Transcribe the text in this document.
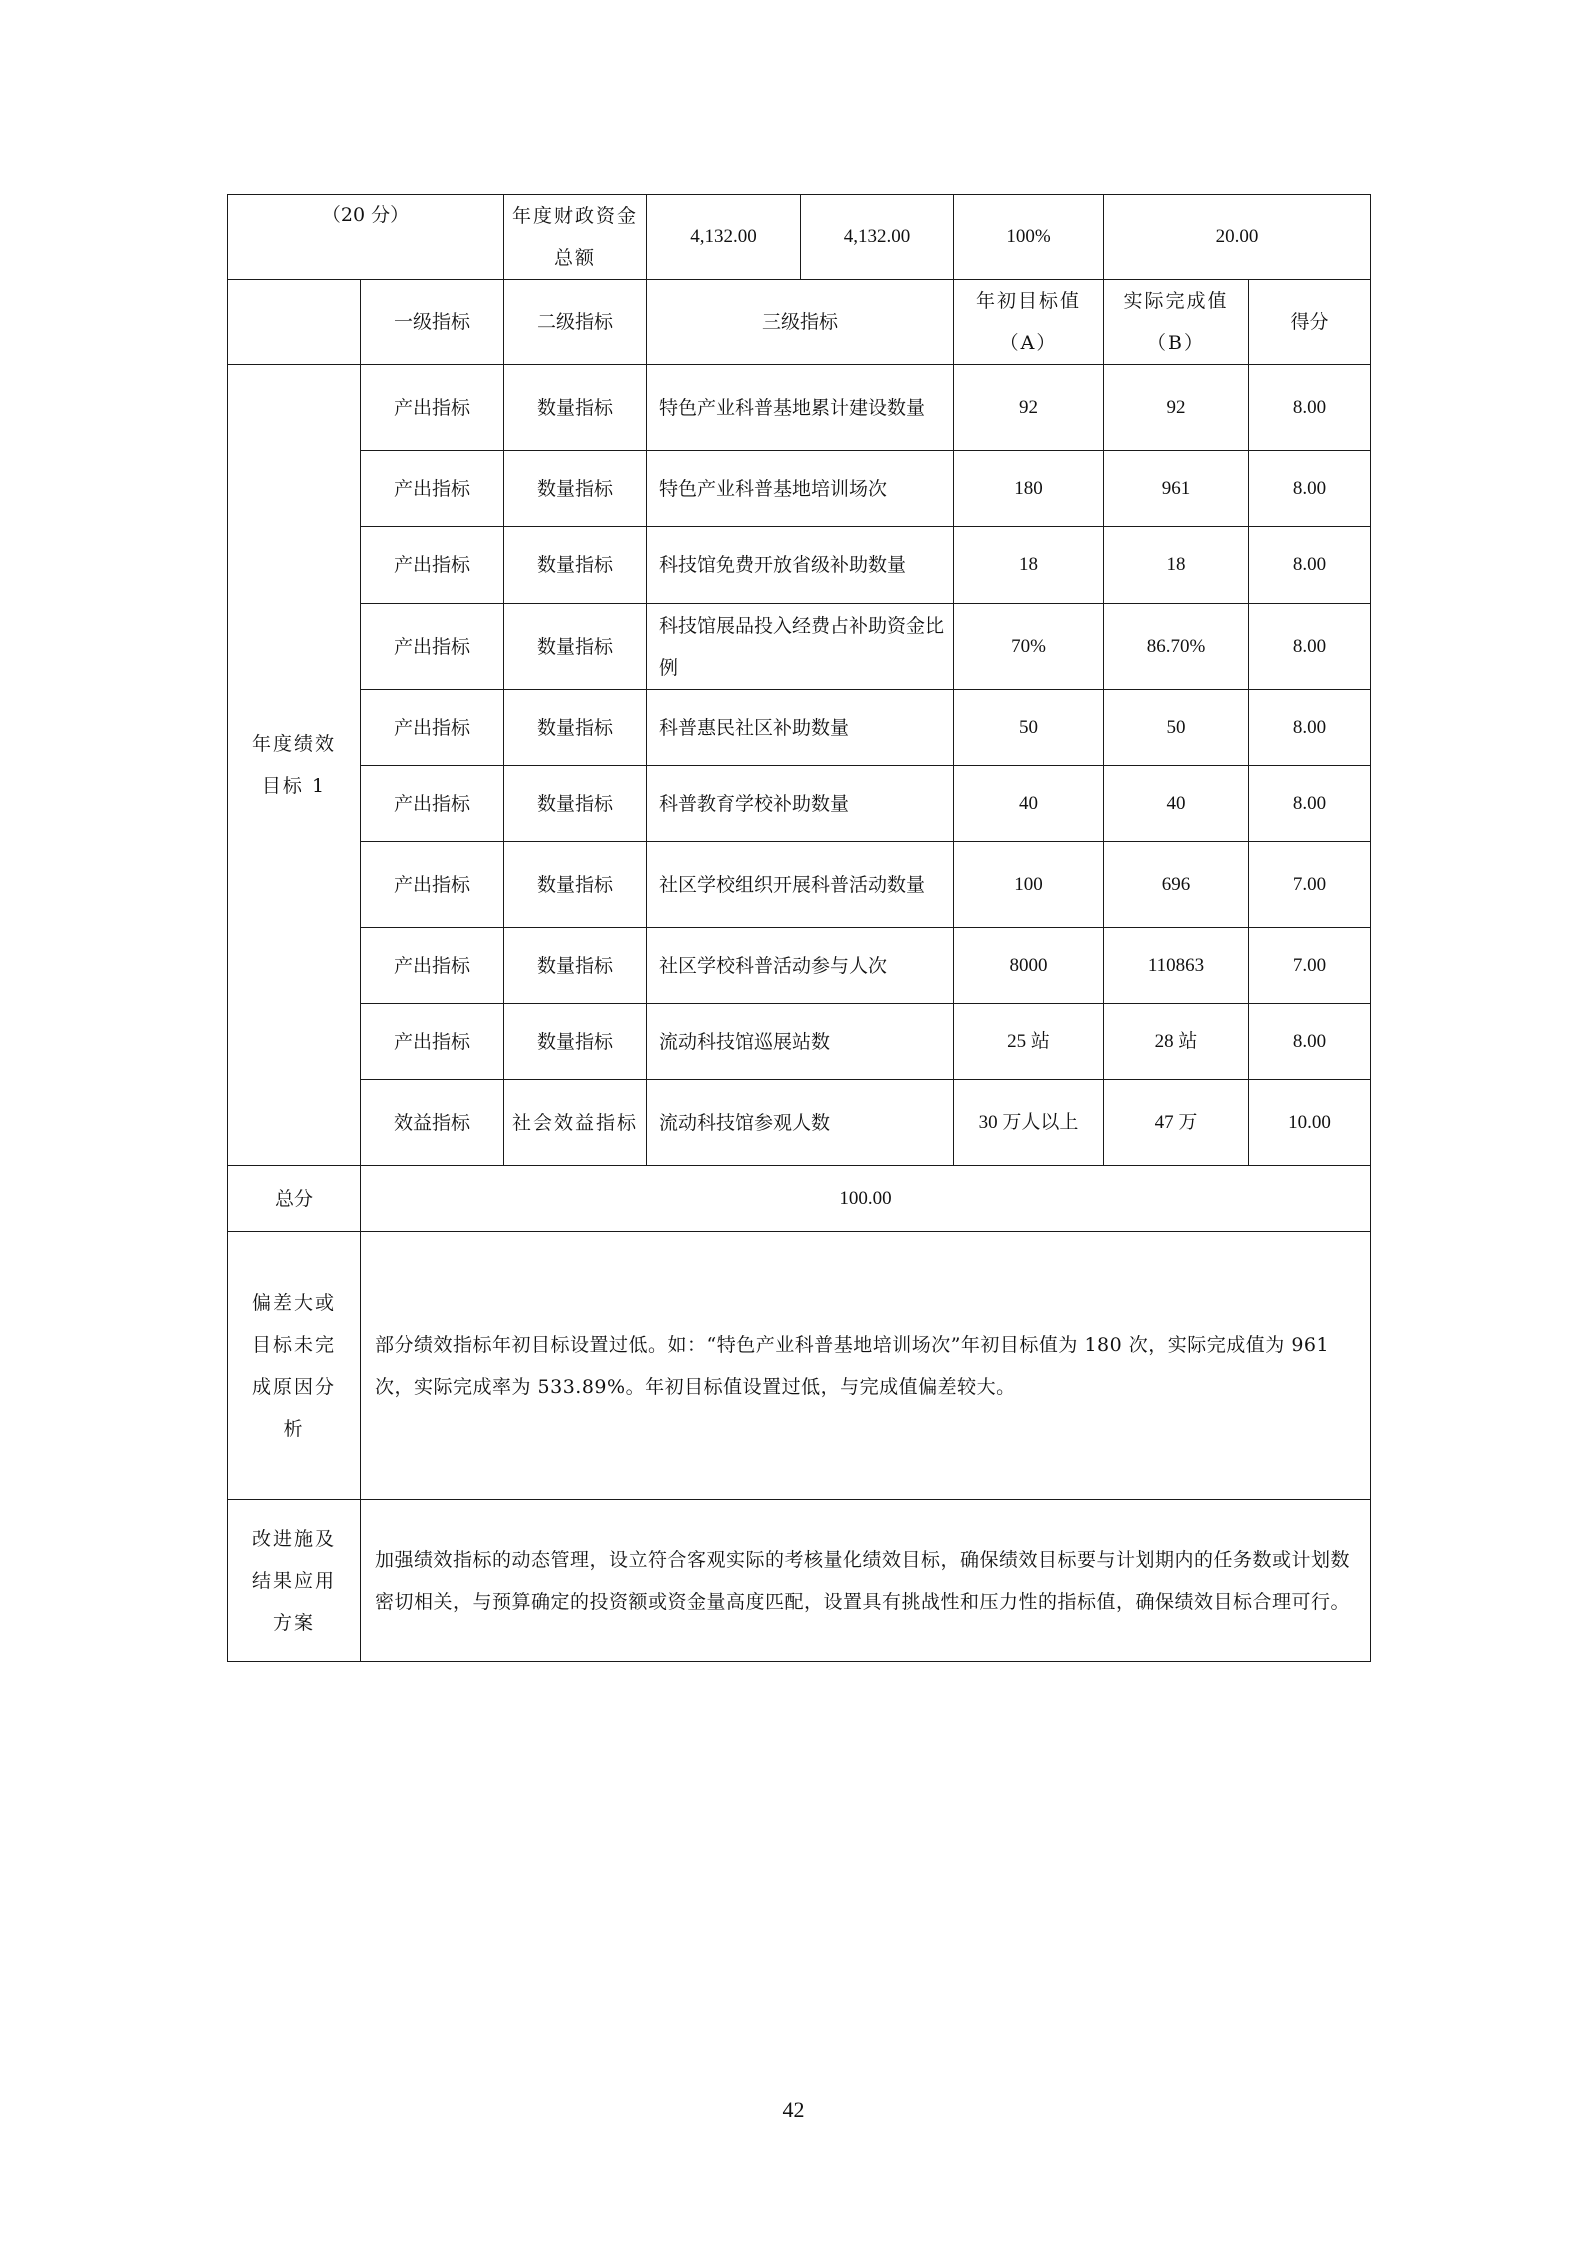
（20 分）		年度财政资金总额	4,132.00	4,132.00	100%	20.00	
	一级指标	二级指标	三级指标		年初目标值（A）	实际完成值（B）	得分
年度绩效目标 1	产出指标	数量指标	特色产业科普基地累计建设数量		92	92	8.00
	产出指标	数量指标	特色产业科普基地培训场次		180	961	8.00
	产出指标	数量指标	科技馆免费开放省级补助数量		18	18	8.00
	产出指标	数量指标	科技馆展品投入经费占补助资金比例		70%	86.70%	8.00
	产出指标	数量指标	科普惠民社区补助数量		50	50	8.00
	产出指标	数量指标	科普教育学校补助数量		40	40	8.00
	产出指标	数量指标	社区学校组织开展科普活动数量		100	696	7.00
	产出指标	数量指标	社区学校科普活动参与人次		8000	110863	7.00
	产出指标	数量指标	流动科技馆巡展站数		25 站	28 站	8.00
	效益指标	社会效益指标	流动科技馆参观人数		30 万人以上	47 万	10.00
总分	100.00						
偏差大或目标未完成原因分析	部分绩效指标年初目标设置过低。如：“特色产业科普基地培训场次”年初目标值为 180 次，实际完成值为 961 次，实际完成率为 533.89%。年初目标值设置过低，与完成值偏差较大。						
改进施及结果应用方案	加强绩效指标的动态管理，设立符合客观实际的考核量化绩效目标，确保绩效目标要与计划期内的任务数或计划数密切相关，与预算确定的投资额或资金量高度匹配，设置具有挑战性和压力性的指标值，确保绩效目标合理可行。						
42
